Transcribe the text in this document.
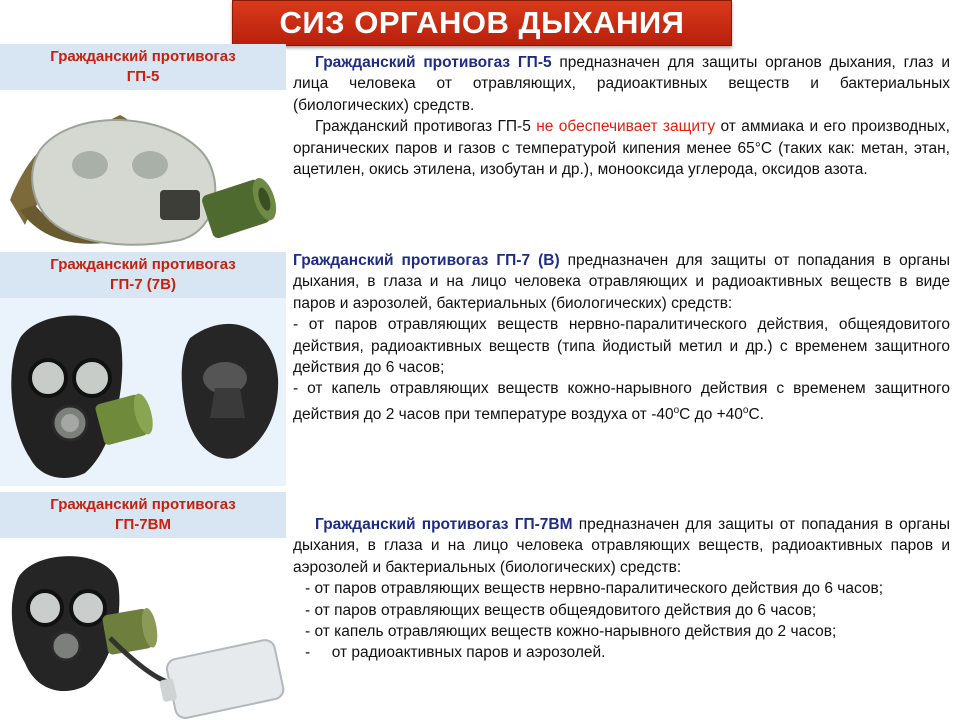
СИЗ ОРГАНОВ ДЫХАНИЯ
Гражданский противогаз
ГП-5

Гражданский противогаз ГП-5 предназначен для защиты органов дыхания, глаз и лица человека от отравляющих, радиоактивных веществ и бактериальных (биологических) средств.

Гражданский противогаз ГП-5 не обеспечивает защиту от аммиака и его производных, органических паров и газов с температурой кипения менее 65°С (таких как: метан, этан, ацетилен, окись этилена, изобутан и др.), монооксида углерода, оксидов азота.

Гражданский противогаз
ГП-7 (7В)

Гражданский противогаз ГП-7 (В) предназначен для защиты от попадания в органы дыхания, в глаза и на лицо человека отравляющих и радиоактивных веществ в виде паров и аэрозолей, бактериальных (биологических) средств:

- от паров отравляющих веществ нервно-паралитического действия, общеядовитого действия, радиоактивных веществ (типа йодистый метил и др.) с временем защитного действия до 6 часов;

- от капель отравляющих веществ кожно-нарывного действия с временем защитного действия до 2 часов при температуре воздуха от $-40^оС$ до $+40^оС$.

Гражданский противогаз
ГП-7ВМ	Гражданский противогаз ГП-7ВМ предназначен для защиты от попадания в органы дыхания, в глаза и на лицо человека отравляющих веществ, радиоактивных паров и аэрозолей и бактериальных (биологических) средств:

- от паров отравляющих веществ нервно-паралитического действия до 6 часов;

- от паров отравляющих веществ общеядовитого действия до 6 часов;

- от капель отравляющих веществ кожно-нарывного действия до 2 часов;

-     от радиоактивных паров и аэрозолей.
